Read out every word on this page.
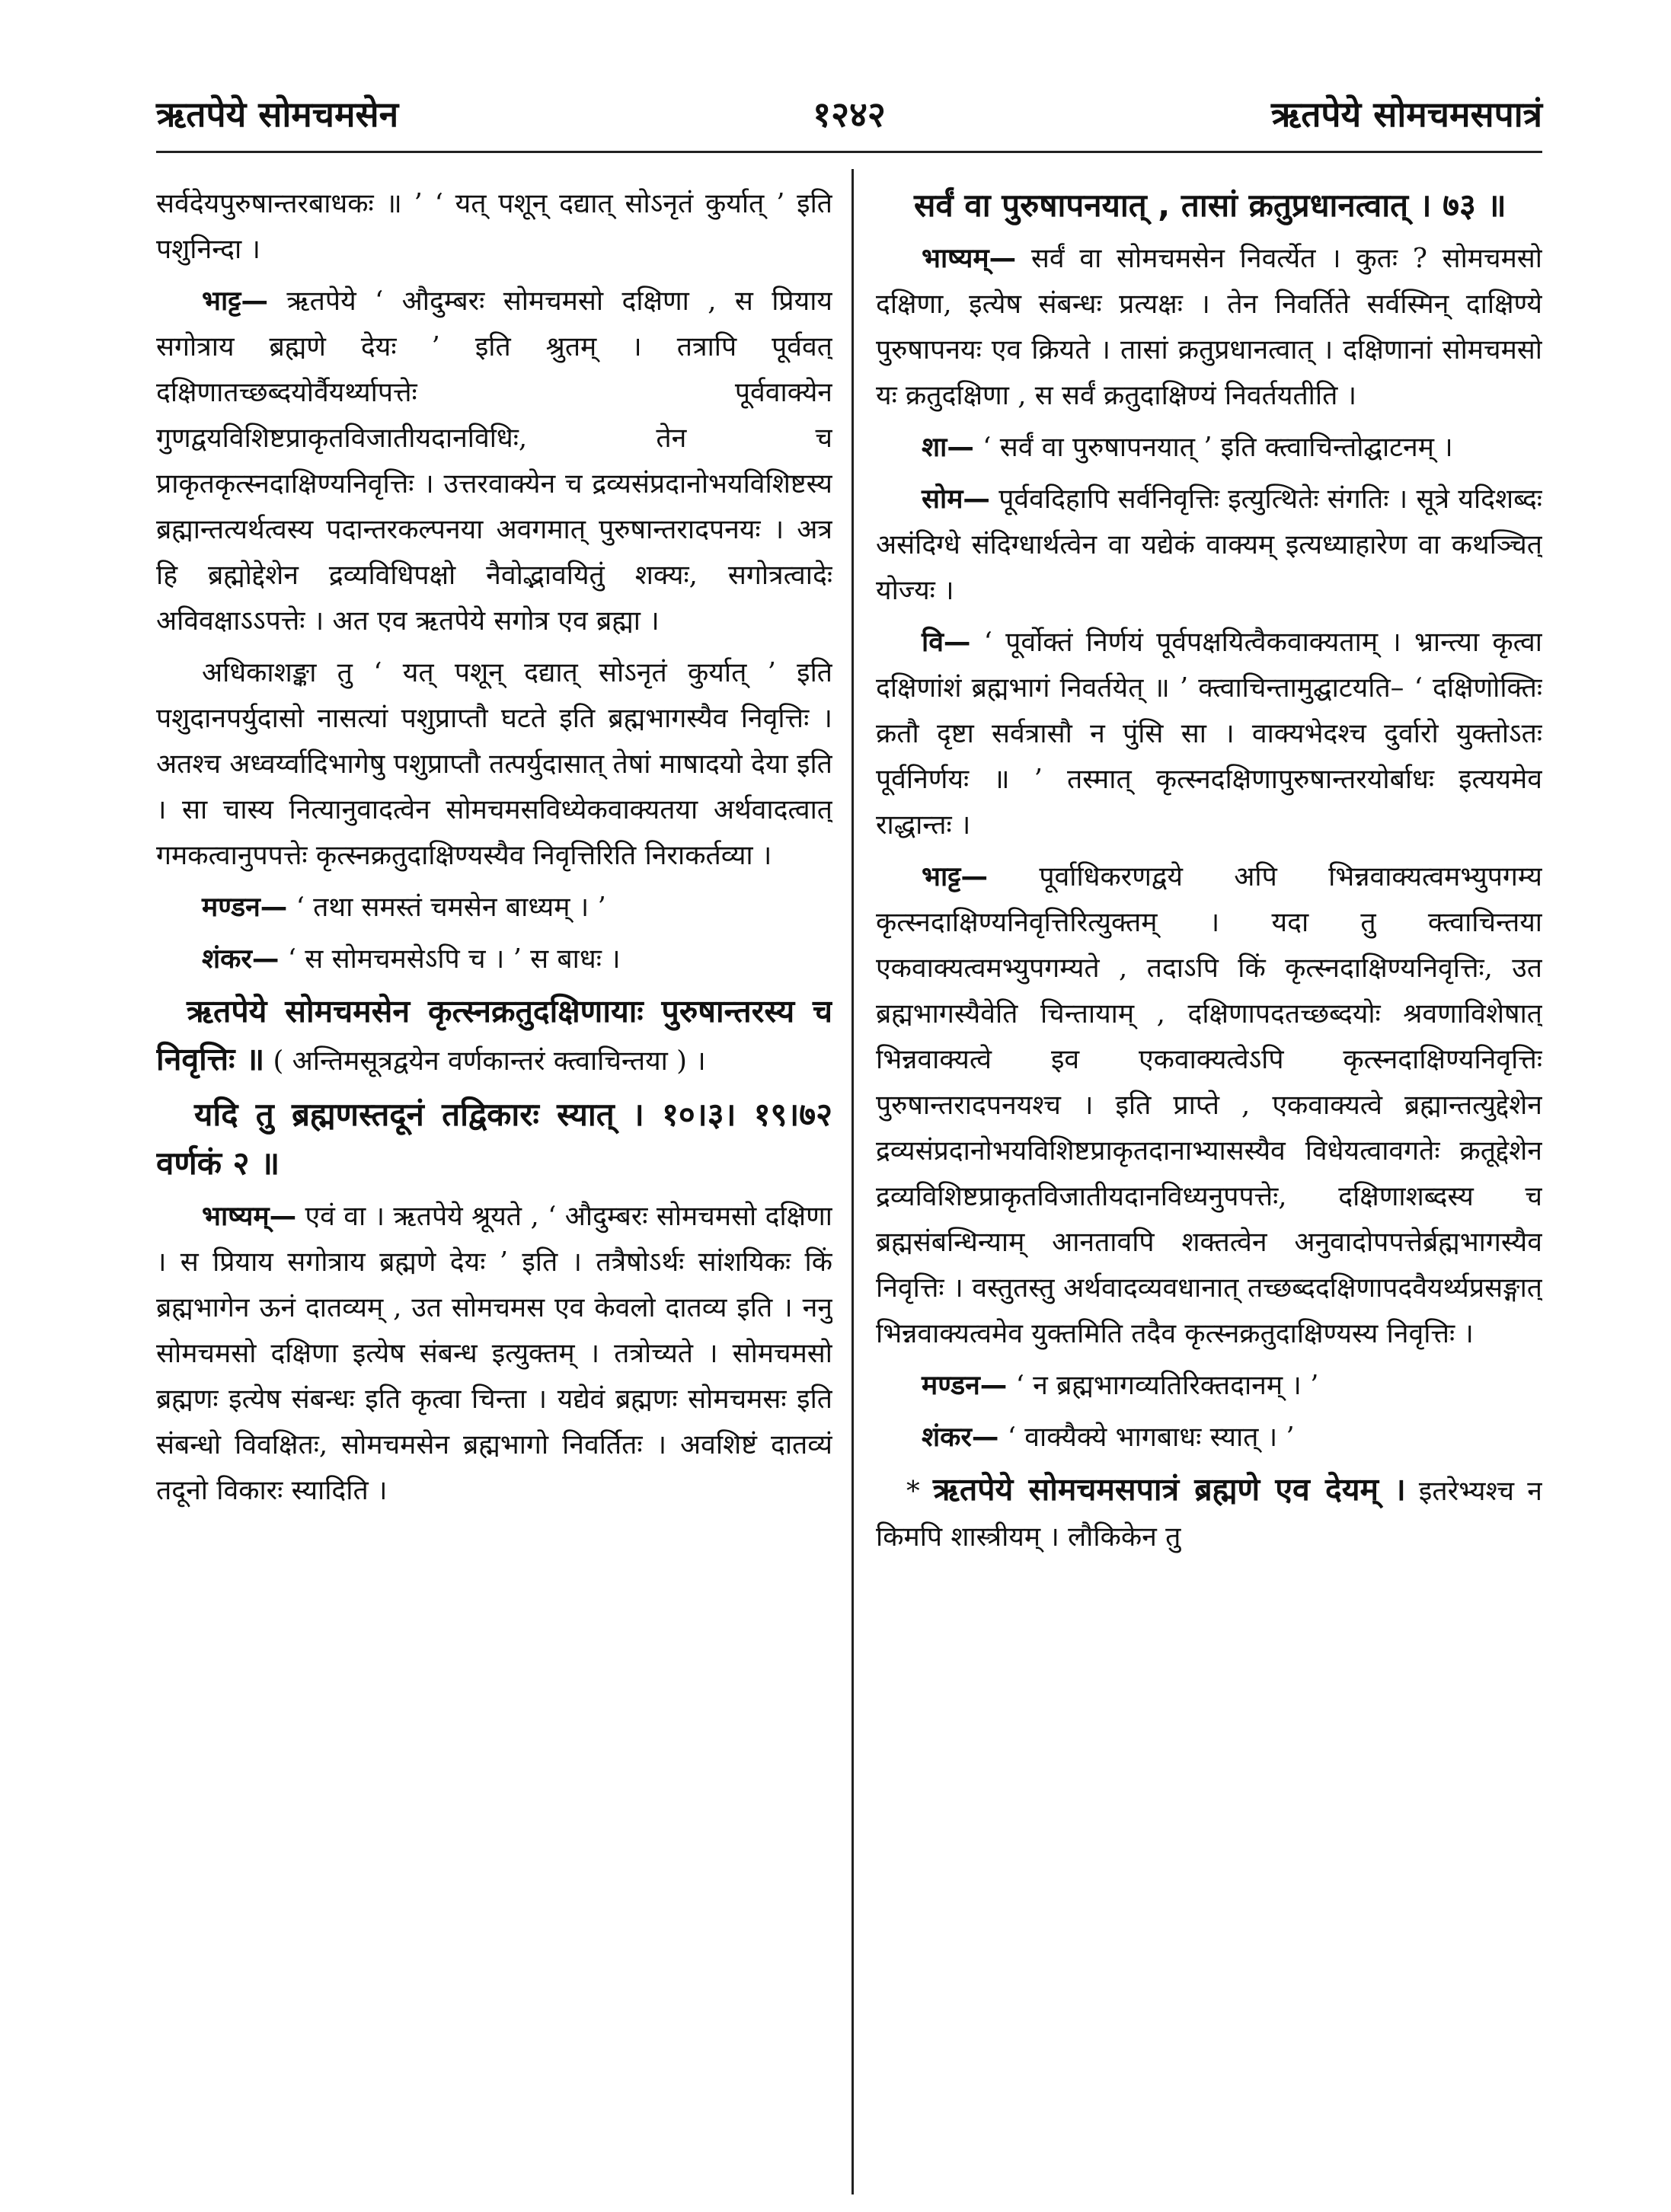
ऋतपेये सोमचमसेन	१२४२	ऋतपेये सोमचमसपात्रं

सर्वदेयपुरुषान्तरबाधकः ॥ ’ ‘ यत् पशून् दद्यात् सोऽनृतं कुर्यात् ’ इति पशुनिन्दा ।

भाट्ट— ऋतपेये ‘ औदुम्बरः सोमचमसो दक्षिणा , स प्रियाय सगोत्राय ब्रह्मणे देयः ’ इति श्रुतम् । तत्रापि पूर्ववत् दक्षिणातच्छब्दयोर्वैयर्थ्यापत्तेः पूर्ववाक्येन गुणद्वयविशिष्टप्राकृतविजातीयदानविधिः, तेन च प्राकृतकृत्स्नदाक्षिण्यनिवृत्तिः । उत्तरवाक्येन च द्रव्यसंप्रदानोभयविशिष्टस्य ब्रह्मान्तत्यर्थत्वस्य पदान्तरकल्पनया अवगमात् पुरुषान्तरादपनयः । अत्र हि ब्रह्मोद्देशेन द्रव्यविधिपक्षो नैवोद्भावयितुं शक्यः, सगोत्रत्वादेः अविवक्षाऽऽपत्तेः । अत एव ऋतपेये सगोत्र एव ब्रह्मा ।

अधिकाशङ्का तु ‘ यत् पशून् दद्यात् सोऽनृतं कुर्यात् ’ इति पशुदानपर्युदासो नासत्यां पशुप्राप्तौ घटते इति ब्रह्मभागस्यैव निवृत्तिः । अतश्च अध्वर्य्वादिभागेषु पशुप्राप्तौ तत्पर्युदासात् तेषां माषादयो देया इति । सा चास्य नित्यानुवादत्वेन सोमचमसविध्येकवाक्यतया अर्थवादत्वात् गमकत्वानुपपत्तेः कृत्स्नक्रतुदाक्षिण्यस्यैव निवृत्तिरिति निराकर्तव्या ।

मण्डन— ‘ तथा समस्तं चमसेन बाध्यम् । ’

शंकर— ‘ स सोमचमसेऽपि च । ’ स बाधः ।

ऋतपेये सोमचमसेन कृत्स्नक्रतुदक्षिणायाः पुरुषान्तरस्य च निवृत्तिः ॥ ( अन्तिमसूत्रद्वयेन वर्णकान्तरं क्त्वाचिन्तया ) ।

यदि तु ब्रह्मणस्तदूनं तद्विकारः स्यात् । १०।३। १९।७२ वर्णकं २ ॥

भाष्यम्— एवं वा । ऋतपेये श्रूयते , ‘ औदुम्बरः सोमचमसो दक्षिणा । स प्रियाय सगोत्राय ब्रह्मणे देयः ’ इति । तत्रैषोऽर्थः सांशयिकः किं ब्रह्मभागेन ऊनं दातव्यम् , उत सोमचमस एव केवलो दातव्य इति । ननु सोमचमसो दक्षिणा इत्येष संबन्ध इत्युक्तम् । तत्रोच्यते । सोमचमसो ब्रह्मणः इत्येष संबन्धः इति कृत्वा चिन्ता । यद्येवं ब्रह्मणः सोमचमसः इति संबन्धो विवक्षितः, सोमचमसेन ब्रह्मभागो निवर्तितः । अवशिष्टं दातव्यं तदूनो विकारः स्यादिति ।

सर्वं वा पुरुषापनयात् , तासां क्रतुप्रधानत्वात् । ७३ ॥

भाष्यम्— सर्वं वा सोमचमसेन निवर्त्येत । कुतः ? सोमचमसो दक्षिणा, इत्येष संबन्धः प्रत्यक्षः । तेन निवर्तिते सर्वस्मिन् दाक्षिण्ये पुरुषापनयः एव क्रियते । तासां क्रतुप्रधानत्वात् । दक्षिणानां सोमचमसो यः क्रतुदक्षिणा , स सर्वं क्रतुदाक्षिण्यं निवर्तयतीति ।

शा— ‘ सर्वं वा पुरुषापनयात् ’ इति क्त्वाचिन्तोद्घाटनम् ।

सोम— पूर्ववदिहापि सर्वनिवृत्तिः इत्युत्थितेः संगतिः । सूत्रे यदिशब्दः असंदिग्धे संदिग्धार्थत्वेन वा यद्येकं वाक्यम् इत्यध्याहारेण वा कथञ्चित् योज्यः ।

वि— ‘ पूर्वोक्तं निर्णयं पूर्वपक्षयित्वैकवाक्यताम् । भ्रान्त्या कृत्वा दक्षिणांशं ब्रह्मभागं निवर्तयेत् ॥ ’ क्त्वाचिन्तामुद्घाटयति– ‘ दक्षिणोक्तिः क्रतौ दृष्टा सर्वत्रासौ न पुंसि सा । वाक्यभेदश्च दुर्वारो युक्तोऽतः पूर्वनिर्णयः ॥ ’ तस्मात् कृत्स्नदक्षिणापुरुषान्तरयोर्बाधः इत्ययमेव राद्धान्तः ।

भाट्ट— पूर्वाधिकरणद्वये अपि भिन्नवाक्यत्वमभ्युपगम्य कृत्स्नदाक्षिण्यनिवृत्तिरित्युक्तम् । यदा तु क्त्वाचिन्तया एकवाक्यत्वमभ्युपगम्यते , तदाऽपि किं कृत्स्नदाक्षिण्यनिवृत्तिः, उत ब्रह्मभागस्यैवेति चिन्तायाम् , दक्षिणापदतच्छब्दयोः श्रवणाविशेषात् भिन्नवाक्यत्वे इव एकवाक्यत्वेऽपि कृत्स्नदाक्षिण्यनिवृत्तिः पुरुषान्तरादपनयश्च । इति प्राप्ते , एकवाक्यत्वे ब्रह्मान्तत्युद्देशेन द्रव्यसंप्रदानोभयविशिष्टप्राकृतदानाभ्यासस्यैव विधेयत्वावगतेः क्रतूद्देशेन द्रव्यविशिष्टप्राकृतविजातीयदानविध्यनुपपत्तेः, दक्षिणाशब्दस्य च ब्रह्मसंबन्धिन्याम् आनतावपि शक्तत्वेन अनुवादोपपत्तेर्ब्रह्मभागस्यैव निवृत्तिः । वस्तुतस्तु अर्थवादव्यवधानात् तच्छब्ददक्षिणापदवैयर्थ्यप्रसङ्गात् भिन्नवाक्यत्वमेव युक्तमिति तदैव कृत्स्नक्रतुदाक्षिण्यस्य निवृत्तिः ।

मण्डन— ‘ न ब्रह्मभागव्यतिरिक्तदानम् । ’

शंकर— ‘ वाक्यैक्ये भागबाधः स्यात् । ’

* ऋतपेये सोमचमसपात्रं ब्रह्मणे एव देयम् । इतरेभ्यश्च न किमपि शास्त्रीयम् । लौकिकेन तु
